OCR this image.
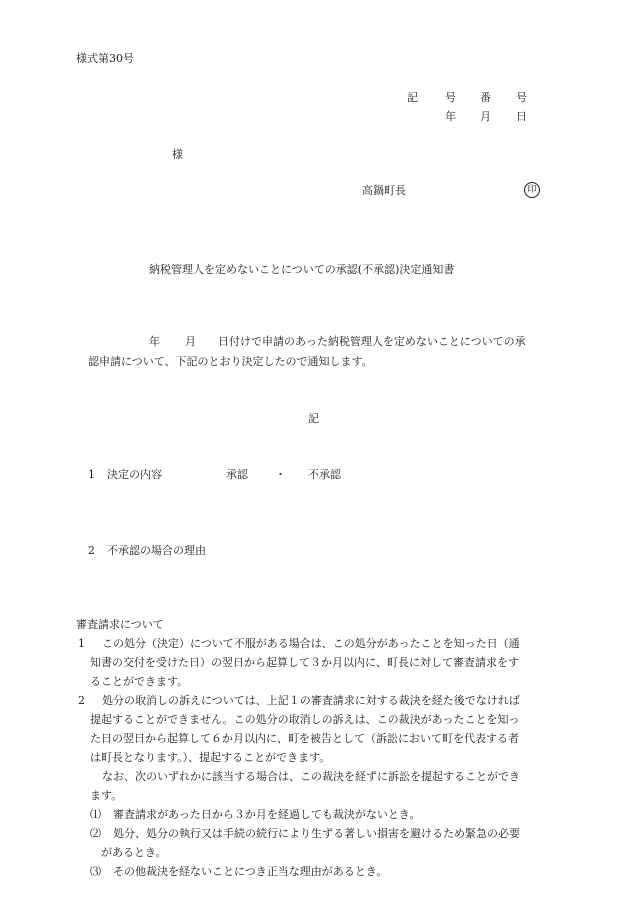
様式第30号
記 号 番 号
年 月 日
様
高鍋町長	印
納税管理人を定めないことについての承認(不承認)決定通知書
年 月 日付けで申請のあった納税管理人を定めないことについての承
認申請について、下記のとおり決定したので通知します。
記
1 決定の内容	承認 ・ 不承認
2 不承認の場合の理由
審査請求について
1 この処分（決定）について不服がある場合は、この処分があったことを知った日（通
知書の交付を受けた日）の翌日から起算して３か月以内に、町長に対して審査請求をす
ることができます。
2 処分の取消しの訴えについては、上記１の審査請求に対する裁決を経た後でなければ
提起することができません。この処分の取消しの訴えは、この裁決があったことを知っ
た日の翌日から起算して６か月以内に、町を被告として（訴訟において町を代表する者
は町長となります。）、提起することができます。
なお、次のいずれかに該当する場合は、この裁決を経ずに訴訟を提起することができ
ます。
⑴ 審査請求があった日から３か月を経過しても裁決がないとき。
⑵ 処分、処分の執行又は手続の続行により生ずる著しい損害を避けるため緊急の必要
があるとき。
⑶ その他裁決を経ないことにつき正当な理由があるとき。
